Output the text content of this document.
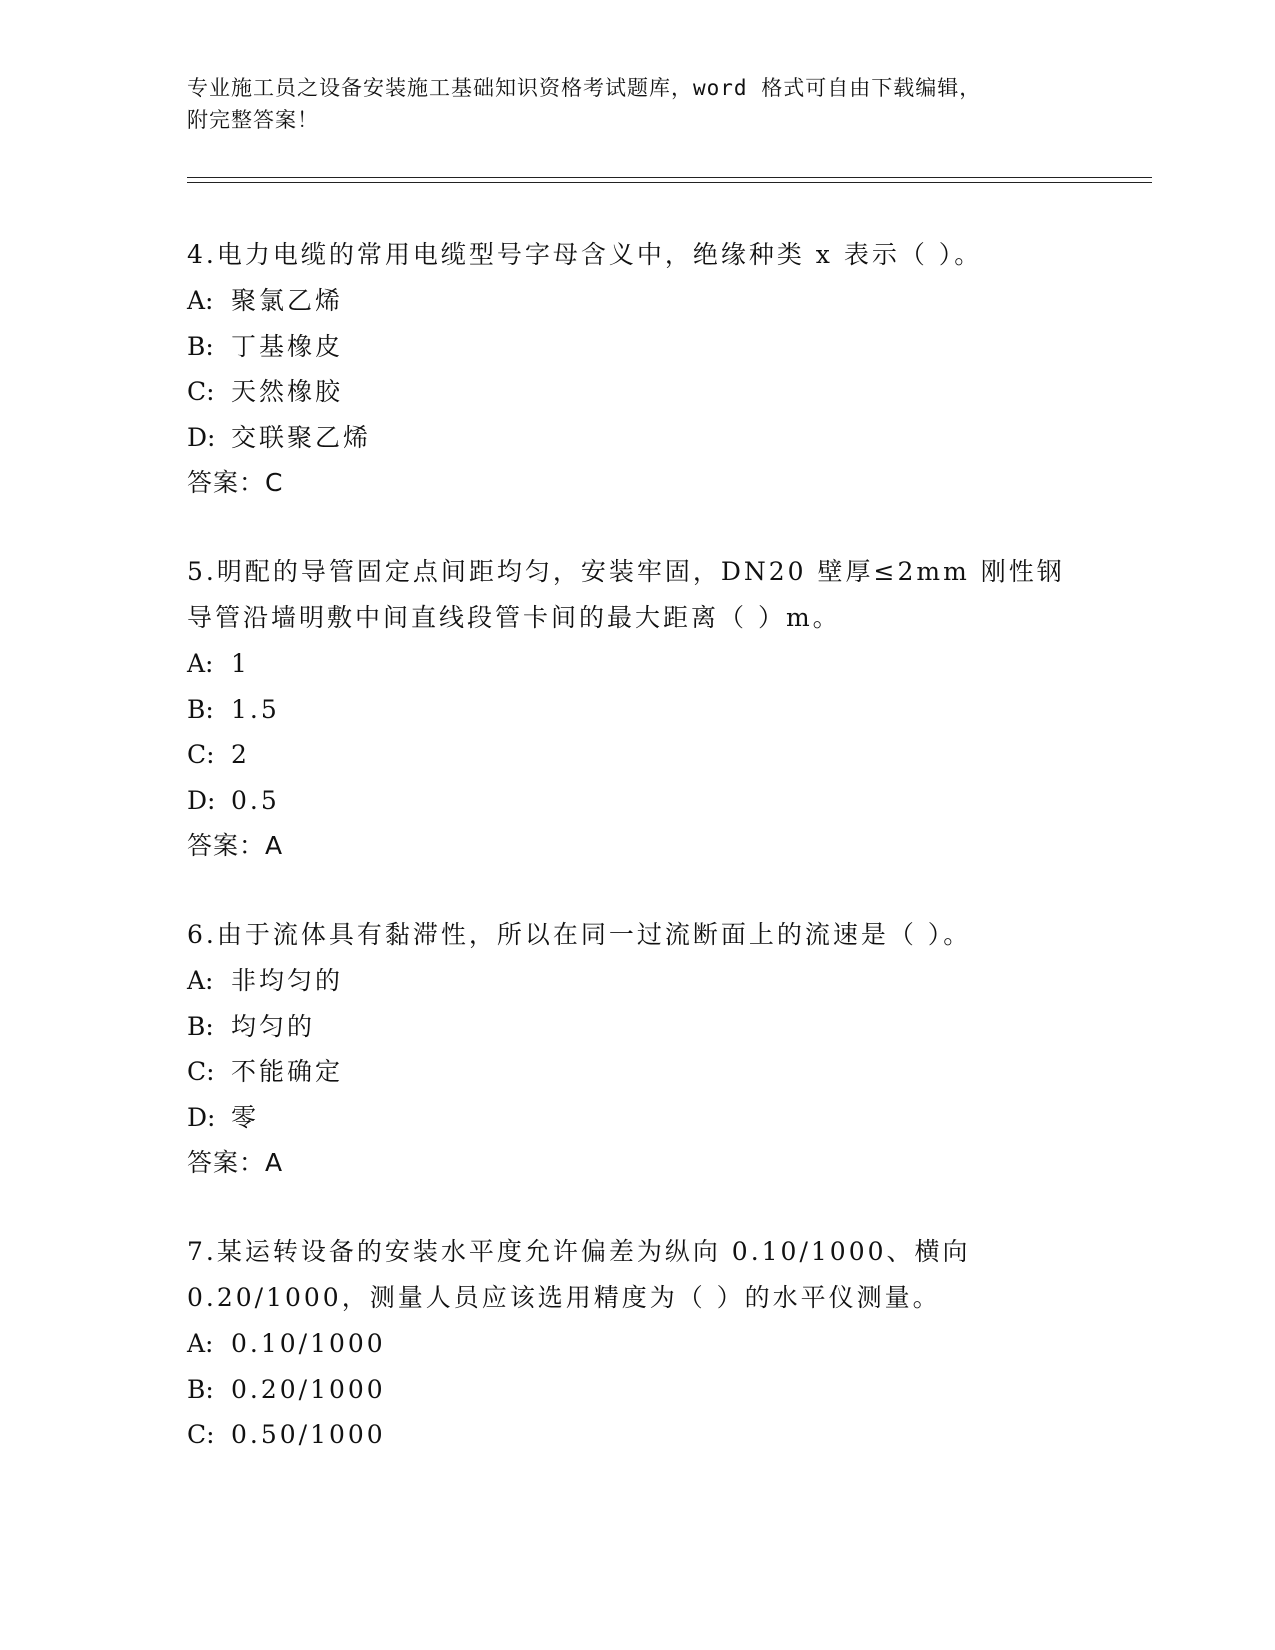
专业施工员之设备安装施工基础知识资格考试题库，word 格式可自由下载编辑，
附完整答案！
4.电力电缆的常用电缆型号字母含义中，绝缘种类 x 表示（ ）。
A: 聚氯乙烯
B: 丁基橡皮
C: 天然橡胶
D: 交联聚乙烯
答案：C
5.明配的导管固定点间距均匀，安装牢固，DN20 壁厚≤2mm 刚性钢导管沿墙明敷中间直线段管卡间的最大距离（ ）m。
A: 1
B: 1.5
C: 2
D: 0.5
答案：A
6.由于流体具有黏滞性，所以在同一过流断面上的流速是（ ）。
A: 非均匀的
B: 均匀的
C: 不能确定
D: 零
答案：A
7.某运转设备的安装水平度允许偏差为纵向 0.10/1000、横向 0.20/1000，测量人员应该选用精度为（ ）的水平仪测量。
A: 0.10/1000
B: 0.20/1000
C: 0.50/1000
